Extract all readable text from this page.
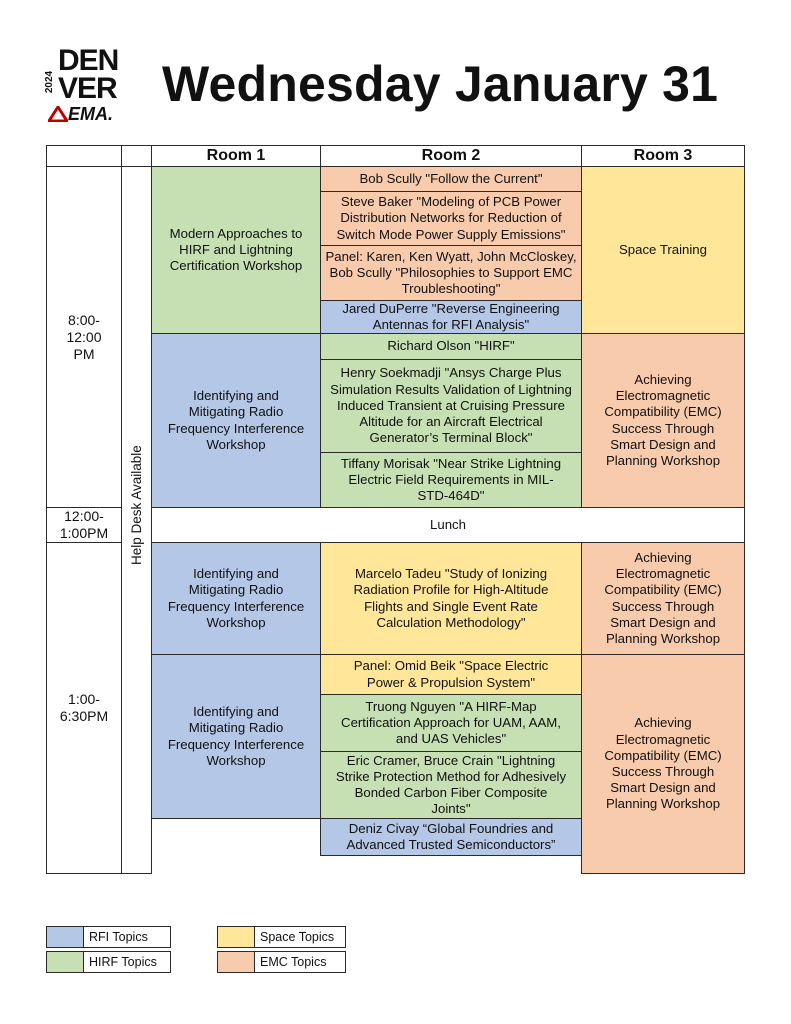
2024
DEN
VER
EMA.
Wednesday January 31
Room 1	Room 2	Room 3
8:00-
12:00
PM
12:00-
1:00PM
1:00-
6:30PM
Help Desk Available
Modern Approaches to HIRF and Lightning Certification Workshop
Identifying and Mitigating Radio Frequency Interference Workshop
Identifying and Mitigating Radio Frequency Interference Workshop
Identifying and Mitigating Radio Frequency Interference Workshop
Bob Scully "Follow the Current"
Steve Baker "Modeling of PCB Power Distribution Networks for Reduction of Switch Mode Power Supply Emissions"
Panel: Karen, Ken Wyatt, John McCloskey, Bob Scully "Philosophies to Support EMC Troubleshooting"
Jared DuPerre "Reverse Engineering Antennas for RFI Analysis"
Richard Olson "HIRF"
Henry Soekmadji "Ansys Charge Plus Simulation Results Validation of Lightning Induced Transient at Cruising Pressure Altitude for an Aircraft Electrical Generator’s Terminal Block"
Tiffany Morisak "Near Strike Lightning Electric Field Requirements in MIL-STD-464D"
Marcelo Tadeu "Study of Ionizing Radiation Profile for High-Altitude Flights and Single Event Rate Calculation Methodology"
Panel: Omid Beik "Space Electric Power & Propulsion System"
Truong Nguyen "A HIRF-Map Certification Approach for UAM, AAM, and UAS Vehicles"
Eric Cramer, Bruce Crain "Lightning Strike Protection Method for Adhesively Bonded Carbon Fiber Composite Joints"
Deniz Civay “Global Foundries and Advanced Trusted Semiconductors”
Space Training
Achieving Electromagnetic Compatibility (EMC) Success Through Smart Design and Planning Workshop
Achieving Electromagnetic Compatibility (EMC) Success Through Smart Design and Planning Workshop
Achieving Electromagnetic Compatibility (EMC) Success Through Smart Design and Planning Workshop
Lunch
RFI Topics
HIRF Topics
Space Topics
EMC Topics
